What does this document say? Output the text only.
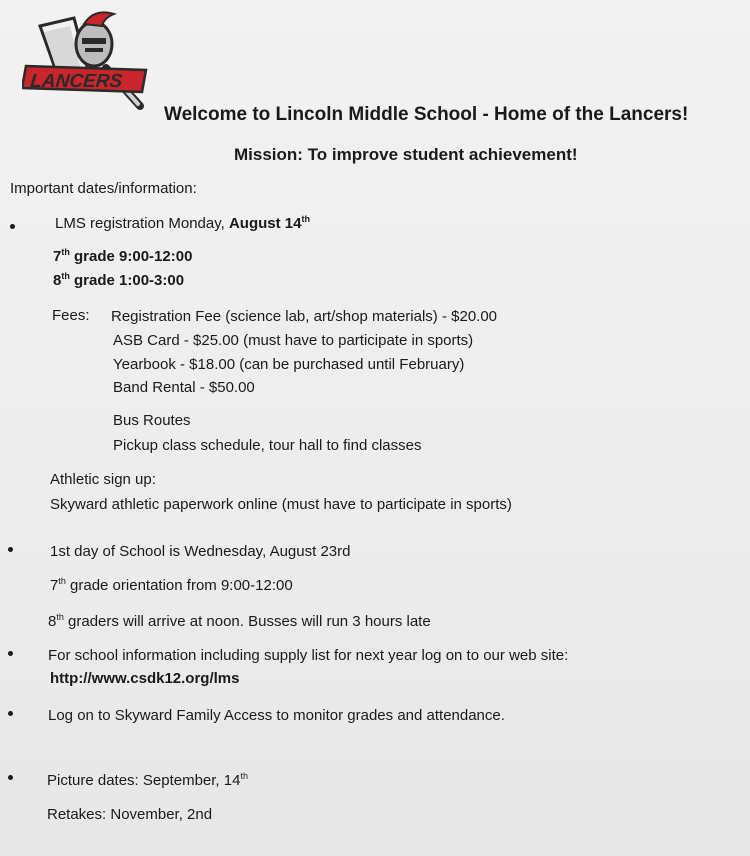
LANCERS
Welcome to Lincoln Middle School - Home of the Lancers!
Mission: To improve student achievement!
Important dates/information:
LMS registration Monday, August 14th
7th grade 9:00-12:00
8th grade 1:00-3:00
Fees: Registration Fee (science lab, art/shop materials) - $20.00
ASB Card - $25.00 (must have to participate in sports)
Yearbook - $18.00 (can be purchased until February)
Band Rental - $50.00
Bus Routes
Pickup class schedule, tour hall to find classes
Athletic sign up:
Skyward athletic paperwork online (must have to participate in sports)
1st day of School is Wednesday, August 23rd
7th grade orientation from 9:00-12:00
8th graders will arrive at noon. Busses will run 3 hours late
For school information including supply list for next year log on to our web site:
http://www.csdk12.org/lms
Log on to Skyward Family Access to monitor grades and attendance.
Picture dates: September, 14th
Retakes: November, 2nd
